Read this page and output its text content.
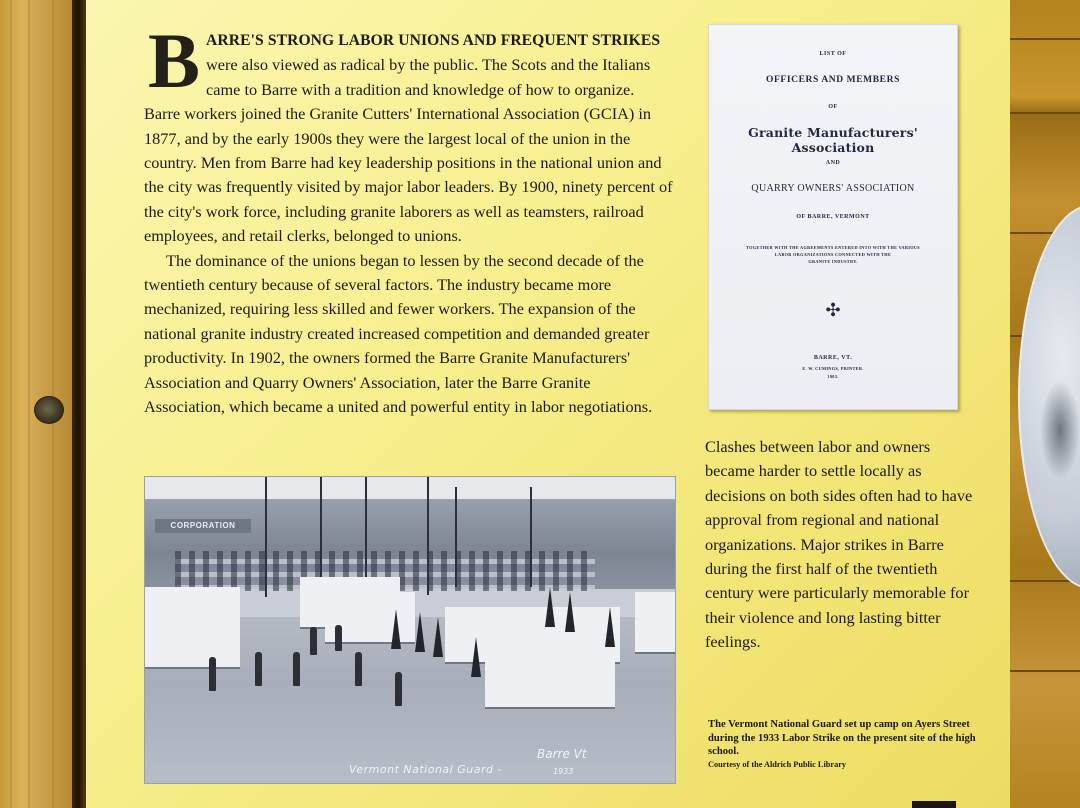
BARRE'S STRONG LABOR UNIONS AND FREQUENT STRIKES were also viewed as radical by the public. The Scots and the Italians came to Barre with a tradition and knowledge of how to organize. Barre workers joined the Granite Cutters' International Association (GCIA) in 1877, and by the early 1900s they were the largest local of the union in the country. Men from Barre had key leadership positions in the national union and the city was frequently visited by major labor leaders. By 1900, ninety percent of the city's work force, including granite laborers as well as teamsters, railroad employees, and retail clerks, belonged to unions.

The dominance of the unions began to lessen by the second decade of the twentieth century because of several factors. The industry became more mechanized, requiring less skilled and fewer workers. The expansion of the national granite industry created increased competition and demanded greater productivity. In 1902, the owners formed the Barre Granite Manufacturers' Association and Quarry Owners' Association, later the Barre Granite Association, which became a united and powerful entity in labor negotiations.

LIST OF
OFFICERS AND MEMBERS
OF
Granite Manufacturers' Association
AND
QUARRY OWNERS' ASSOCIATION
OF BARRE, VERMONT
TOGETHER WITH THE AGREEMENTS ENTERED INTO WITH THE VARIOUS
LABOR ORGANIZATIONS CONNECTED WITH THE
GRANITE INDUSTRY.
✣
BARRE, VT.
E. W. CUMINGS, PRINTER.
1903.
CORPORATION
Vermont National Guard -
Barre Vt
1933
Clashes between labor and owners became harder to settle locally as decisions on both sides often had to have approval from regional and national organizations. Major strikes in Barre during the first half of the twentieth century were particularly memorable for their violence and long lasting bitter feelings.
The Vermont National Guard set up camp on Ayers Street during the 1933 Labor Strike on the present site of the high school.
Courtesy of the Aldrich Public Library
